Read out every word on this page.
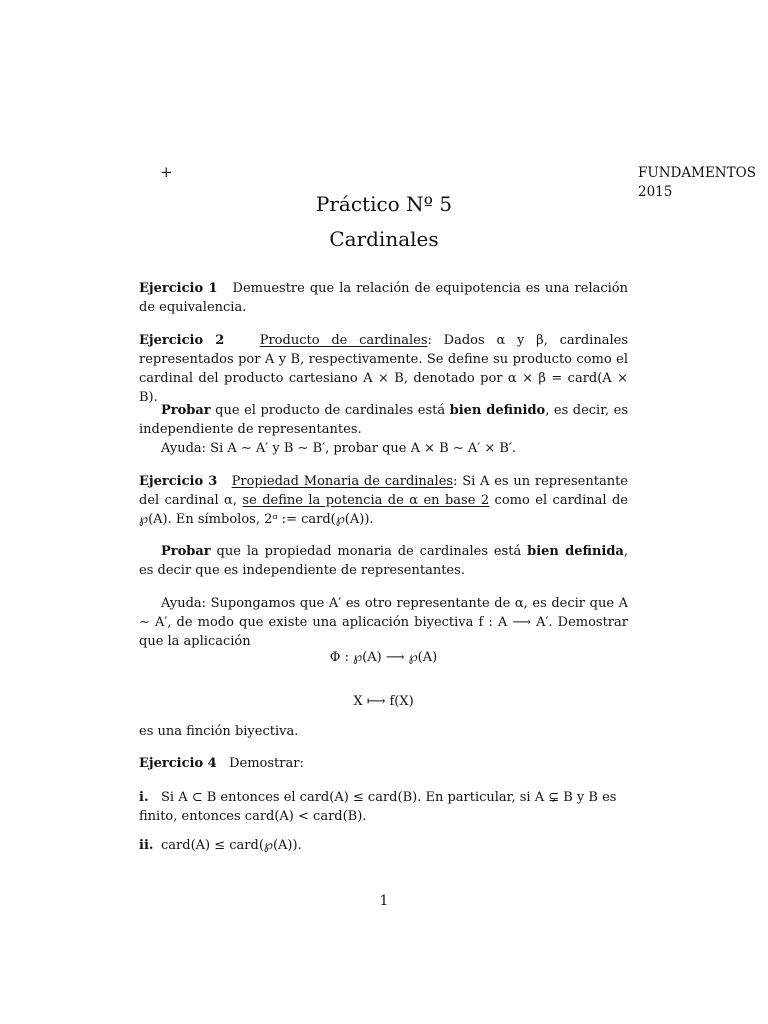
+	FUNDAMENTOS
2015
Práctico Nº 5
Cardinales
Ejercicio 1 Demuestre que la relación de equipotencia es una relación de equivalencia.
Ejercicio 2	Producto de cardinales: Dados α y β, cardinales representados por A y B, respectivamente. Se define su producto como el cardinal del producto cartesiano A × B, denotado por α × β = card(A × B).
Probar que el producto de cardinales está bien definido, es decir, es independiente de representantes.
Ayuda: Si A ∼ A′ y B ∼ B′, probar que A × B ∼ A′ × B′.
Ejercicio 3 Propiedad Monaria de cardinales: Si A es un representante del cardinal α, se define la potencia de α en base 2 como el cardinal de ℘(A). En símbolos, 2ᵅ := card(℘(A)).
Probar que la propiedad monaria de cardinales está bien definida, es decir que es independiente de representantes.
Ayuda: Supongamos que A′ es otro representante de α, es decir que A ∼ A′, de modo que existe una aplicación biyectiva f : A ⟶ A′. Demostrar que la aplicación
Φ : ℘(A) ⟶ ℘(A)
X ⟼ f(X)
es una finción biyectiva.
Ejercicio 4 Demostrar:
i. Si A ⊂ B entonces el card(A) ≤ card(B). En particular, si A ⊊ B y B es finito, entonces card(A) < card(B).
ii. card(A) ≤ card(℘(A)).
1
